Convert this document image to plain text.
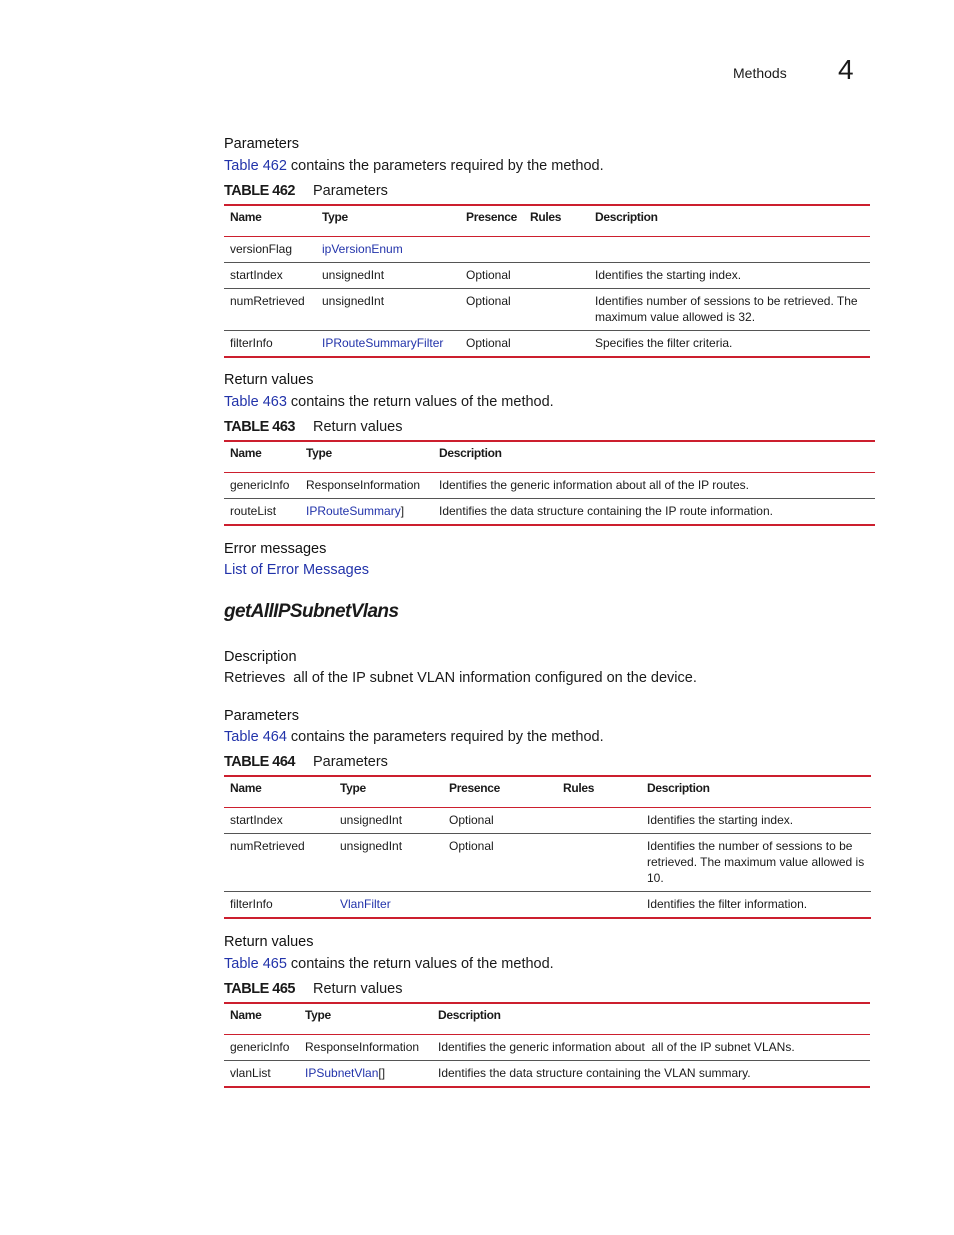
Methods 4
Parameters
Table 462 contains the parameters required by the method.
TABLE 462 Parameters
Name	Type	Presence	Rules	Description
versionFlag	ipVersionEnum			
startIndex	unsignedInt	Optional		Identifies the starting index.
numRetrieved	unsignedInt	Optional		Identifies number of sessions to be retrieved. The maximum value allowed is 32.
filterInfo	IPRouteSummaryFilter	Optional		Specifies the filter criteria.
Return values
Table 463 contains the return values of the method.
TABLE 463 Return values
Name	Type	Description
genericInfo	ResponseInformation	Identifies the generic information about all of the IP routes.
routeList	IPRouteSummary]	Identifies the data structure containing the IP route information.
Error messages
List of Error Messages
getAllIPSubnetVlans
Description
Retrieves  all of the IP subnet VLAN information configured on the device.
Parameters
Table 464 contains the parameters required by the method.
TABLE 464 Parameters
Name	Type	Presence	Rules	Description
startIndex	unsignedInt	Optional		Identifies the starting index.
numRetrieved	unsignedInt	Optional		Identifies the number of sessions to be retrieved. The maximum value allowed is 10.
filterInfo	VlanFilter			Identifies the filter information.
Return values
Table 465 contains the return values of the method.
TABLE 465 Return values
Name	Type	Description
genericInfo	ResponseInformation	Identifies the generic information about  all of the IP subnet VLANs.
vlanList	IPSubnetVlan[]	Identifies the data structure containing the VLAN summary.
